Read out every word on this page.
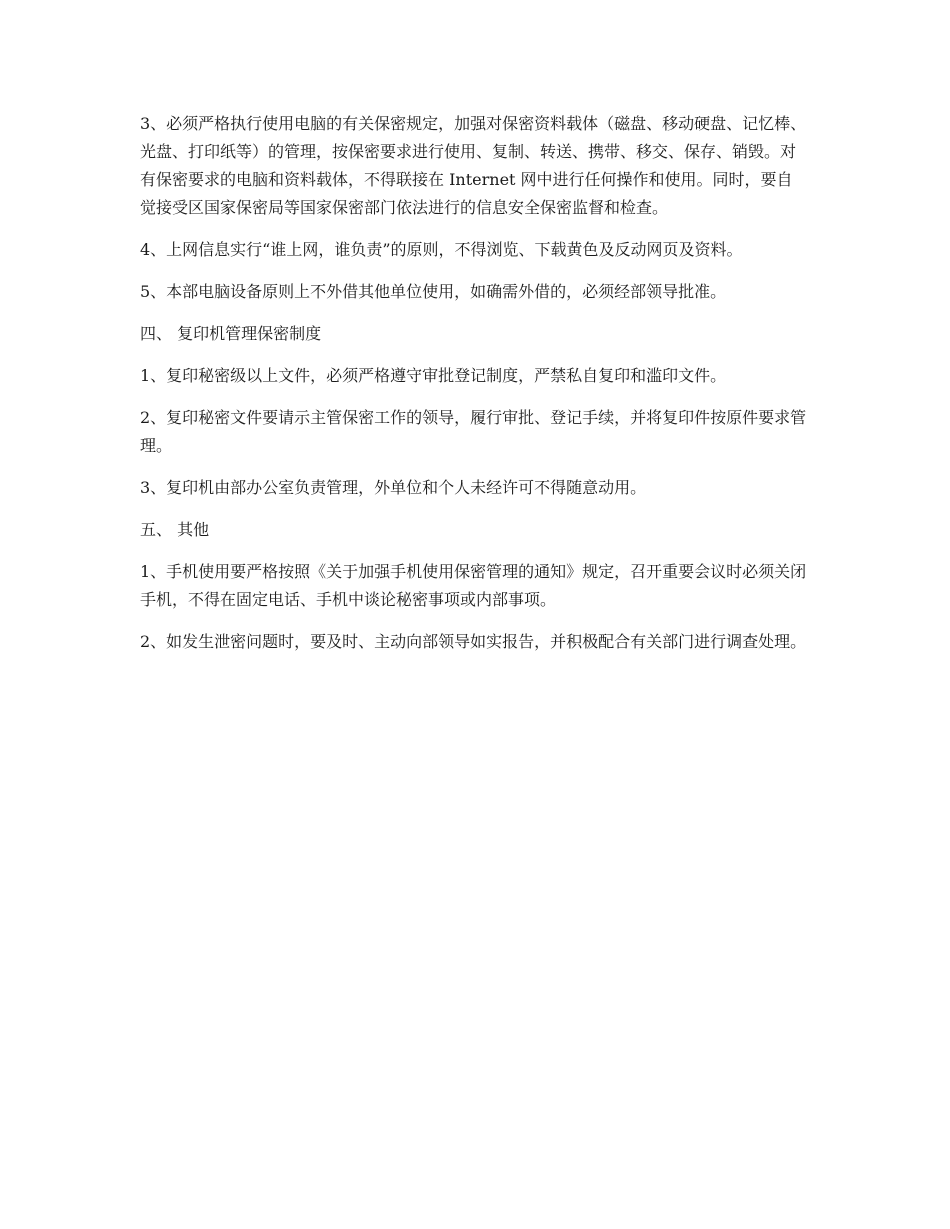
3、必须严格执行使用电脑的有关保密规定，加强对保密资料载体（磁盘、移动硬盘、记忆棒、光盘、打印纸等）的管理，按保密要求进行使用、复制、转送、携带、移交、保存、销毁。对有保密要求的电脑和资料载体，不得联接在 Internet 网中进行任何操作和使用。同时，要自觉接受区国家保密局等国家保密部门依法进行的信息安全保密监督和检查。

4、上网信息实行“谁上网，谁负责”的原则，不得浏览、下载黄色及反动网页及资料。

5、本部电脑设备原则上不外借其他单位使用，如确需外借的，必须经部领导批准。

四、 复印机管理保密制度

1、复印秘密级以上文件，必须严格遵守审批登记制度，严禁私自复印和滥印文件。

2、复印秘密文件要请示主管保密工作的领导，履行审批、登记手续，并将复印件按原件要求管理。

3、复印机由部办公室负责管理，外单位和个人未经许可不得随意动用。

五、 其他

1、手机使用要严格按照《关于加强手机使用保密管理的通知》规定，召开重要会议时必须关闭手机，不得在固定电话、手机中谈论秘密事项或内部事项。

2、如发生泄密问题时，要及时、主动向部领导如实报告，并积极配合有关部门进行调查处理。
